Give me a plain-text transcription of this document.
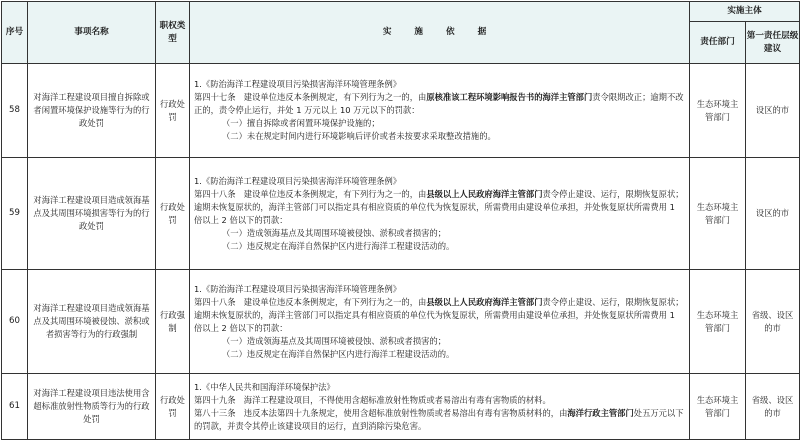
序号	事项名称	职权类型	实 施 依 据	实施主体	
				责任部门	第一责任层级建议
58	对海洋工程建设项目擅自拆除或者闲置环境保护设施等行为的行政处罚	行政处罚	1.《防治海洋工程建设项目污染损害海洋环境管理条例》
第四十七条　建设单位违反本条例规定，有下列行为之一的，由原核准该工程环境影响报告书的海洋主管部门责令限期改正；逾期不改正的，责令停止运行，并处 1 万元以上 10 万元以下的罚款：
（一）擅自拆除或者闲置环境保护设施的；
（二）未在规定时间内进行环境影响后评价或者未按要求采取整改措施的。	生态环境主管部门	设区的市
59	对海洋工程建设项目造成领海基点及其周围环境损害等行为的行政处罚	行政处罚	1.《防治海洋工程建设项目污染损害海洋环境管理条例》
第四十八条　建设单位违反本条例规定，有下列行为之一的，由县级以上人民政府海洋主管部门责令停止建设、运行，限期恢复原状；逾期未恢复原状的，海洋主管部门可以指定具有相应资质的单位代为恢复原状，所需费用由建设单位承担，并处恢复原状所需费用 1 倍以上 2 倍以下的罚款：
（一）造成领海基点及其周围环境被侵蚀、淤积或者损害的；
（二）违反规定在海洋自然保护区内进行海洋工程建设活动的。	生态环境主管部门	设区的市
60	对海洋工程建设项目造成领海基点及其周围环境被侵蚀、淤积或者损害等行为的行政强制	行政强制	1.《防治海洋工程建设项目污染损害海洋环境管理条例》
第四十八条　建设单位违反本条例规定，有下列行为之一的，由县级以上人民政府海洋主管部门责令停止建设、运行，限期恢复原状；逾期未恢复原状的，海洋主管部门可以指定具有相应资质的单位代为恢复原状，所需费用由建设单位承担，并处恢复原状所需费用 1 倍以上 2 倍以下的罚款：
（一）造成领海基点及其周围环境被侵蚀、淤积或者损害的；
（二）违反规定在海洋自然保护区内进行海洋工程建设活动的。	生态环境主管部门	省级、设区的市
61	对海洋工程建设项目违法使用含超标准放射性物质等行为的行政处罚	行政处罚	1.《中华人民共和国海洋环境保护法》
第四十九条　海洋工程建设项目，不得使用含超标准放射性物质或者易溶出有毒有害物质的材料。
第八十三条　违反本法第四十九条规定，使用含超标准放射性物质或者易溶出有毒有害物质材料的，由海洋行政主管部门处五万元以下的罚款，并责令其停止该建设项目的运行，直到消除污染危害。	生态环境主管部门	省级、设区的市
